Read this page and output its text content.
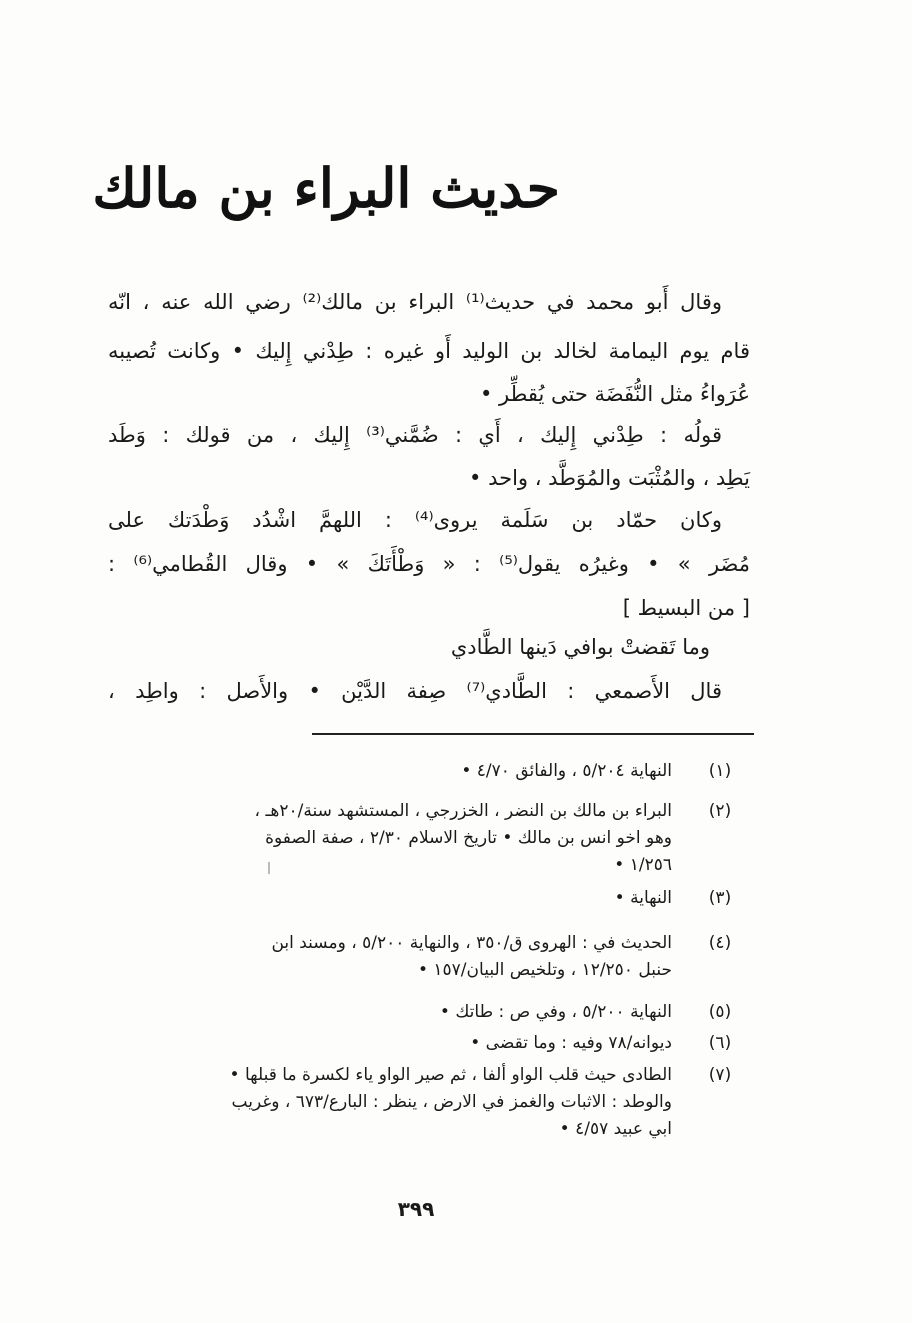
حديث البراء بن مالك
وقال أَبو محمد في حديث⁽¹⁾ البراء بن مالك⁽²⁾ رضي الله عنه ، انّه
قام يوم اليمامة لخالد بن الوليد أَو غيره : طِدْني إِليك • وكانت تُصيبه
عُرَواءُ مثل النُّفَضَة حتى يُقطِّر •
قولُه : طِدْني إِليك ، أَي : ضُمَّني⁽³⁾ إِليك ، من قولك : وَطَد
يَطِد ، والمُثْبَت والمُوَطَّد ، واحد •
وكان حمّاد بن سَلَمة يروى⁽⁴⁾ : اللهمَّ اشْدُد وَطْدَتك على
مُضَر » • وغيرُه يقول⁽⁵⁾ : « وَطْأَتَكَ » • وقال القُطامي⁽⁶⁾ :
[ من البسيط ]
وما تَقضتْ بوافي دَينها الطَّادي
قال الأَصمعي : الطَّادي⁽⁷⁾ صِفة الدَّيْن • والأَصل : واطِد ،
(١)
النهاية ٥/٢٠٤ ، والفائق ٤/٧٠ •
(٢)
البراء بن مالك بن النضر ، الخزرجي ، المستشهد سنة/٢٠هـ ،
وهو اخو انس بن مالك • تاريخ الاسلام ٢/٣٠ ، صفة الصفوة
١/٢٥٦ •
(٣)
النهاية •
(٤)
الحديث في : الهروى ق/٣٥٠ ، والنهاية ٥/٢٠٠ ، ومسند ابن
حنبل ١٢/٢٥٠ ، وتلخيص البيان/١٥٧ •
(٥)
النهاية ٥/٢٠٠ ، وفي ص : طاتك •
(٦)
ديوانه/٧٨ وفيه : وما تقضى •
(٧)
الطادى حيث قلب الواو ألفا ، ثم صير الواو ياء لكسرة ما قبلها •
والوطد : الاثبات والغمز في الارض ، ينظر : البارع/٦٧٣ ، وغريب
ابي عبيد ٤/٥٧ •
٣٩٩
